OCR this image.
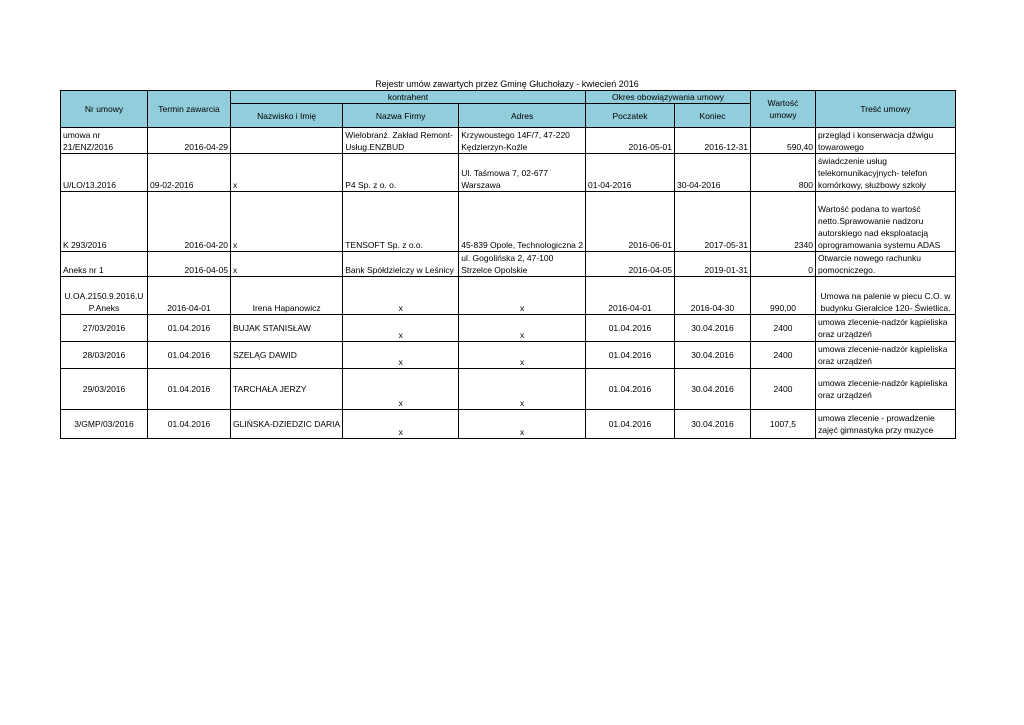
Rejestr umów zawartych przez Gminę Głuchołazy - kwiecień 2016
Nr umowy	Termin zawarcia	kontrahent			Okres obowiązywania umowy		Wartość umowy	Treść umowy
		Nazwisko i Imię	Nazwa Firmy	Adres	Poczatek	Koniec		
umowa nr 21/ENZ/2016	2016-04-29		Wielobranż. Zakład Remont-Usług.ENZBUD	Krzywoustego 14F/7, 47-220 Kędzierzyn-Koźle	2016-05-01	2016-12-31	590,40	przegląd i konserwacja dźwigu towarowego
U/LO/13.2016	09-02-2016	x	P4 Sp. z o. o.	Ul. Taśmowa 7, 02-677 Warszawa	01-04-2016	30-04-2016	800	świadczenie usług telekomunikacyjnych- telefon komórkowy, służbowy szkoły
K 293/2016	2016-04-20	x	TENSOFT Sp. z o.o.	45-839 Opole, Technologiczna 2	2016-06-01	2017-05-31	2340	Wartość podana to wartość netto.Sprawowanie nadzoru autorskiego nad eksploatacją oprogramowania systemu ADAS
Aneks nr 1	2016-04-05	x	Bank Spółdzielczy w Leśnicy	ul. Gogolińska 2, 47-100 Strzelce Opolskie	2016-04-05	2019-01-31	0	Otwarcie nowego rachunku pomocniczego.
U.OA.2150.9.2016.U P.Aneks	2016-04-01	Irena Hapanowicz	x	x	2016-04-01	2016-04-30	990,00	Umowa na palenie w piecu C.O. w budynku Gierałcice 120- Świetlica.
27/03/2016	01.04.2016	BUJAK STANISŁAW	x	x	01.04.2016	30.04.2016	2400	umowa zlecenie-nadzór kąpieliska oraz urządzeń
28/03/2016	01.04.2016	SZELĄG DAWID	x	x	01.04.2016	30.04.2016	2400	umowa zlecenie-nadzór kąpieliska oraz urządzeń
29/03/2016	01.04.2016	TARCHAŁA JERZY	x	x	01.04.2016	30.04.2016	2400	umowa zlecenie-nadzór kąpieliska oraz urządzeń
3/GMP/03/2016	01.04.2016	GLIŃSKA-DZIEDZIC DARIA	x	x	01.04.2016	30.04.2016	1007,5	umowa zlecenie - prowadzenie zajęć gimnastyka przy muzyce
